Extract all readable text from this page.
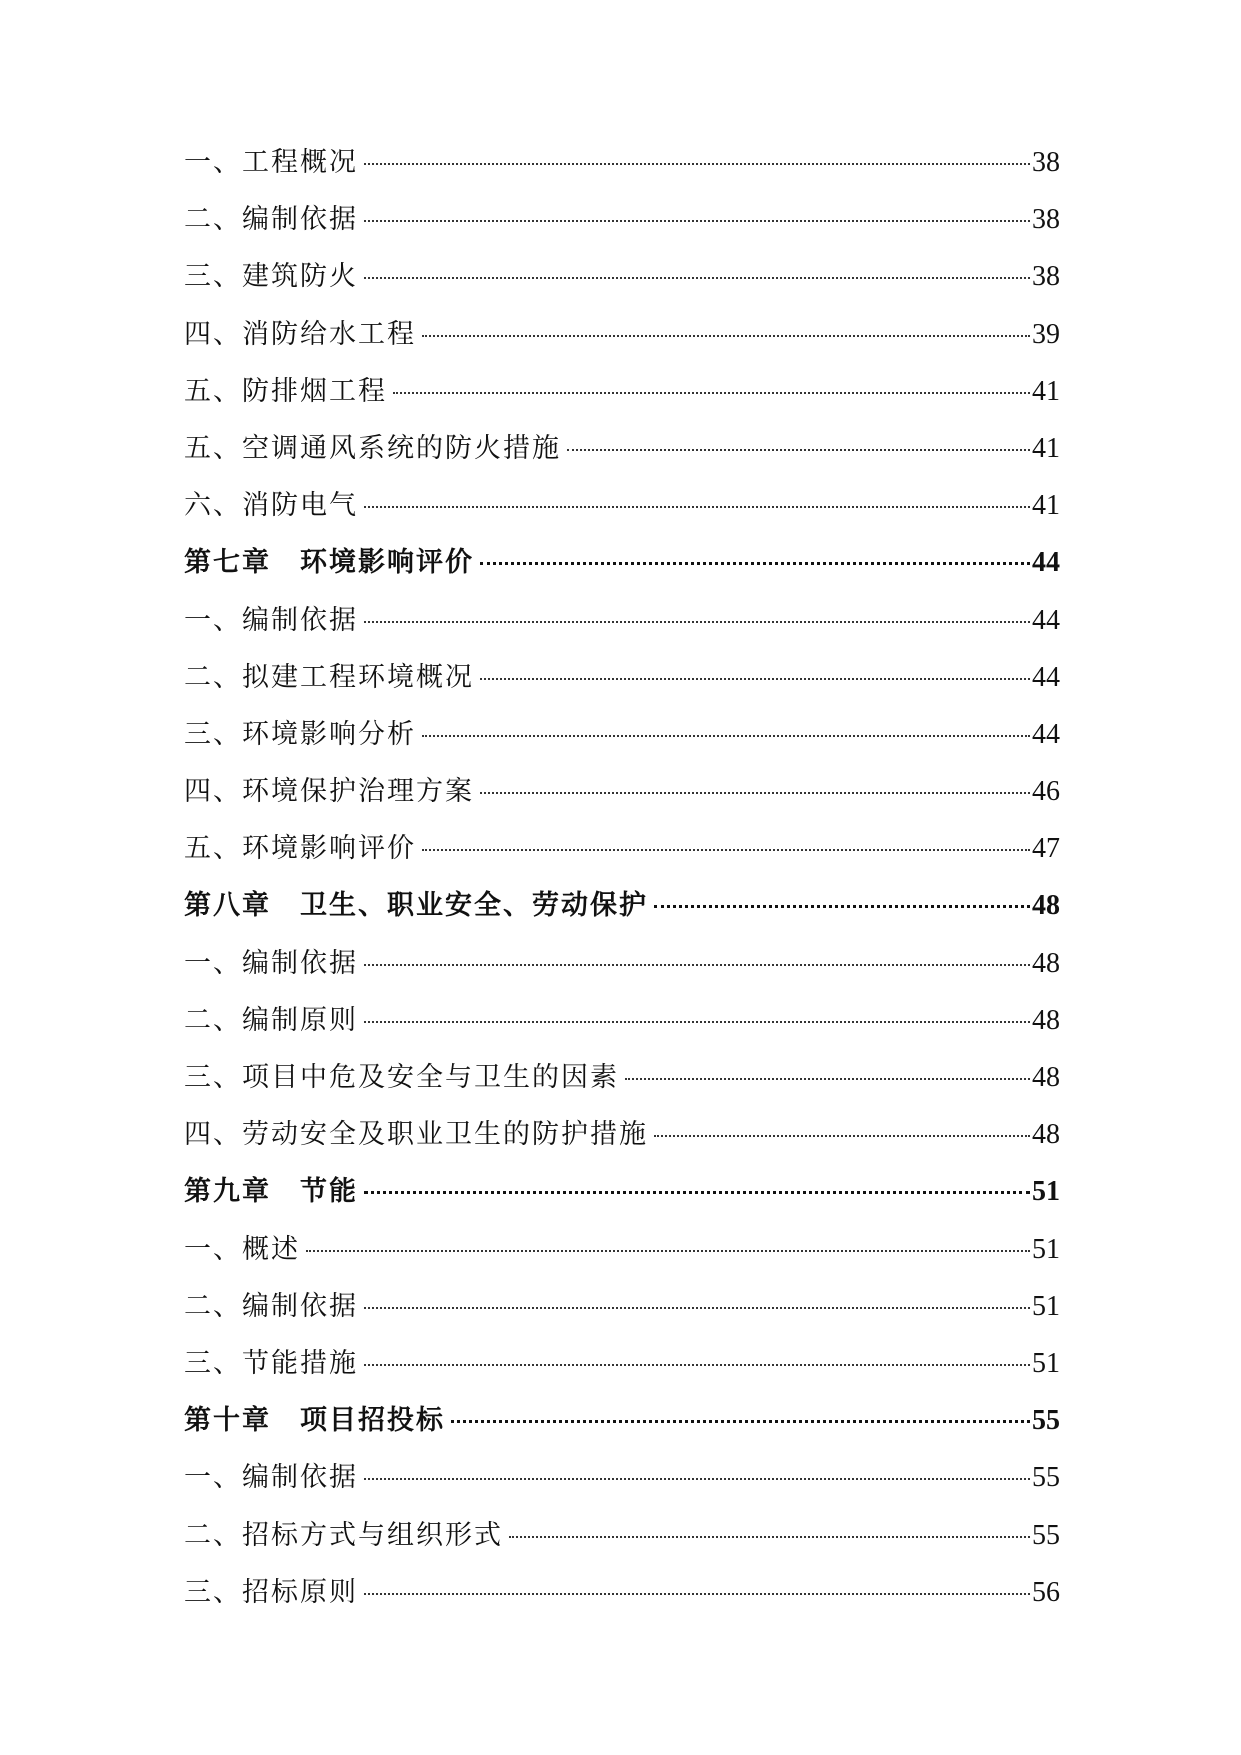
一、工程概况	38
二、编制依据	38
三、建筑防火	38
四、消防给水工程	39
五、防排烟工程	41
五、空调通风系统的防火措施	41
六、消防电气	41
第七章　环境影响评价	44
一、编制依据	44
二、拟建工程环境概况	44
三、环境影响分析	44
四、环境保护治理方案	46
五、环境影响评价	47
第八章　卫生、职业安全、劳动保护	48
一、编制依据	48
二、编制原则	48
三、项目中危及安全与卫生的因素	48
四、劳动安全及职业卫生的防护措施	48
第九章　节能	51
一、概述	51
二、编制依据	51
三、节能措施	51
第十章　项目招投标	55
一、编制依据	55
二、招标方式与组织形式	55
三、招标原则	56
